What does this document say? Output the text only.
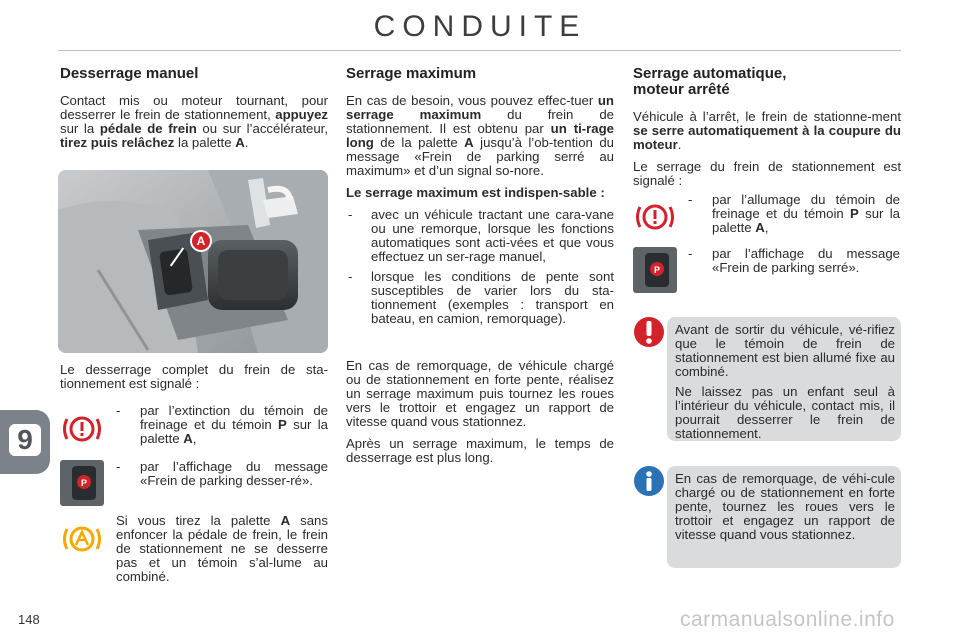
CONDUITE
9
148
Desserrage manuel

Contact mis ou moteur tournant, pour desserrer le frein de stationnement, appuyez sur la pédale de frein ou sur l’accélérateur, tirez puis relâchez la palette A.

A

Le desserrage complet du frein de sta-tionnement est signalé :

- par l’extinction du témoin de freinage et du témoin P sur la palette A,
P
- par l’affichage du message «Frein de parking desser-ré».
Si vous tirez la palette A sans enfoncer la pédale de frein, le frein de stationnement ne se desserre pas et un témoin s’al-lume au combiné.
Serrage maximum

En cas de besoin, vous pouvez effec-tuer un serrage maximum du frein de stationnement. Il est obtenu par un ti-rage long de la palette A jusqu’à l’ob-tention du message «Frein de parking serré au maximum» et d’un signal so-nore.

Le serrage maximum est indispen-sable :

- avec un véhicule tractant une cara-vane ou une remorque, lorsque les fonctions automatiques sont acti-vées et que vous effectuez un ser-rage manuel,
- lorsque les conditions de pente sont susceptibles de varier lors du sta-tionnement (exemples : transport en bateau, en camion, remorquage).

En cas de remorquage, de véhicule chargé ou de stationnement en forte pente, réalisez un serrage maximum puis tournez les roues vers le trottoir et engagez un rapport de vitesse quand vous stationnez.

Après un serrage maximum, le temps de desserrage est plus long.

Serrage automatique, moteur arrêté

Véhicule à l’arrêt, le frein de stationne-ment se serre automatiquement à la coupure du moteur.

Le serrage du frein de stationnement est signalé :

- par l’allumage du témoin de freinage et du témoin P sur la palette A,
P
- par l’affichage du message «Frein de parking serré».

Avant de sortir du véhicule, vé-rifiez que le témoin de frein de stationnement est bien allumé fixe au combiné.

Ne laissez pas un enfant seul à l’intérieur du véhicule, contact mis, il pourrait desserrer le frein de stationnement.

En cas de remorquage, de véhi-cule chargé ou de stationnement en forte pente, tournez les roues vers le trottoir et engagez un rapport de vitesse quand vous stationnez.

carmanualsonline.info
